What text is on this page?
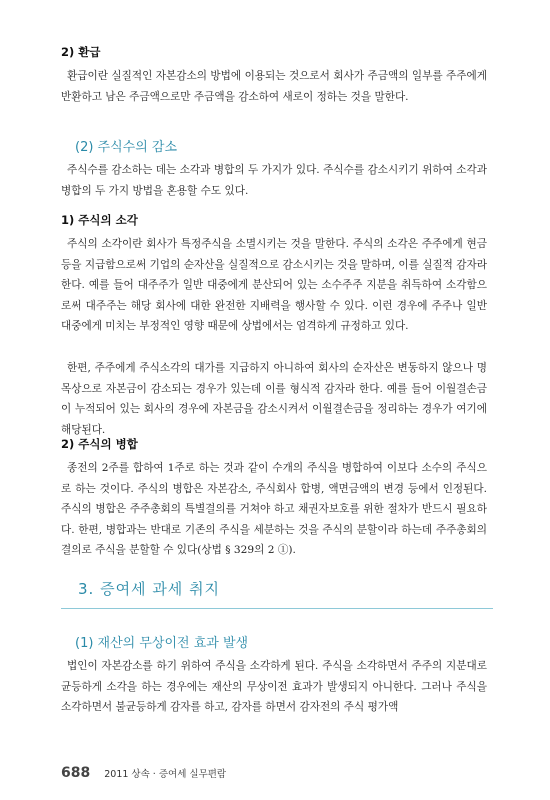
2) 환급

환급이란 실질적인 자본감소의 방법에 이용되는 것으로서 회사가 주금액의 일부를 주주에게 반환하고 남은 주금액으로만 주금액을 감소하여 새로이 정하는 것을 말한다.

(2) 주식수의 감소

주식수를 감소하는 데는 소각과 병합의 두 가지가 있다. 주식수를 감소시키기 위하여 소각과 병합의 두 가지 방법을 혼용할 수도 있다.

1) 주식의 소각

주식의 소각이란 회사가 특정주식을 소멸시키는 것을 말한다. 주식의 소각은 주주에게 현금 등을 지급함으로써 기업의 순자산을 실질적으로 감소시키는 것을 말하며, 이를 실질적 감자라 한다. 예를 들어 대주주가 일반 대중에게 분산되어 있는 소수주주 지분을 취득하여 소각함으로써 대주주는 해당 회사에 대한 완전한 지배력을 행사할 수 있다. 이런 경우에 주주나 일반 대중에게 미치는 부정적인 영향 때문에 상법에서는 엄격하게 규정하고 있다.

한편, 주주에게 주식소각의 대가를 지급하지 아니하여 회사의 순자산은 변동하지 않으나 명목상으로 자본금이 감소되는 경우가 있는데 이를 형식적 감자라 한다. 예를 들어 이월결손금이 누적되어 있는 회사의 경우에 자본금을 감소시켜서 이월결손금을 정리하는 경우가 여기에 해당된다.

2) 주식의 병합

종전의 2주를 합하여 1주로 하는 것과 같이 수개의 주식을 병합하여 이보다 소수의 주식으로 하는 것이다. 주식의 병합은 자본감소, 주식회사 합병, 액면금액의 변경 등에서 인정된다. 주식의 병합은 주주총회의 특별결의를 거쳐야 하고 채권자보호를 위한 절차가 반드시 필요하다. 한편, 병합과는 반대로 기존의 주식을 세분하는 것을 주식의 분할이라 하는데 주주총회의 결의로 주식을 분할할 수 있다(상법 § 329의 2 ①).

3. 증여세 과세 취지
(1) 재산의 무상이전 효과 발생

법인이 자본감소를 하기 위하여 주식을 소각하게 된다. 주식을 소각하면서 주주의 지분대로 균등하게 소각을 하는 경우에는 재산의 무상이전 효과가 발생되지 아니한다. 그러나 주식을 소각하면서 불균등하게 감자를 하고, 감자를 하면서 감자전의 주식 평가액

688 2011 상속 · 증여세 실무편람
